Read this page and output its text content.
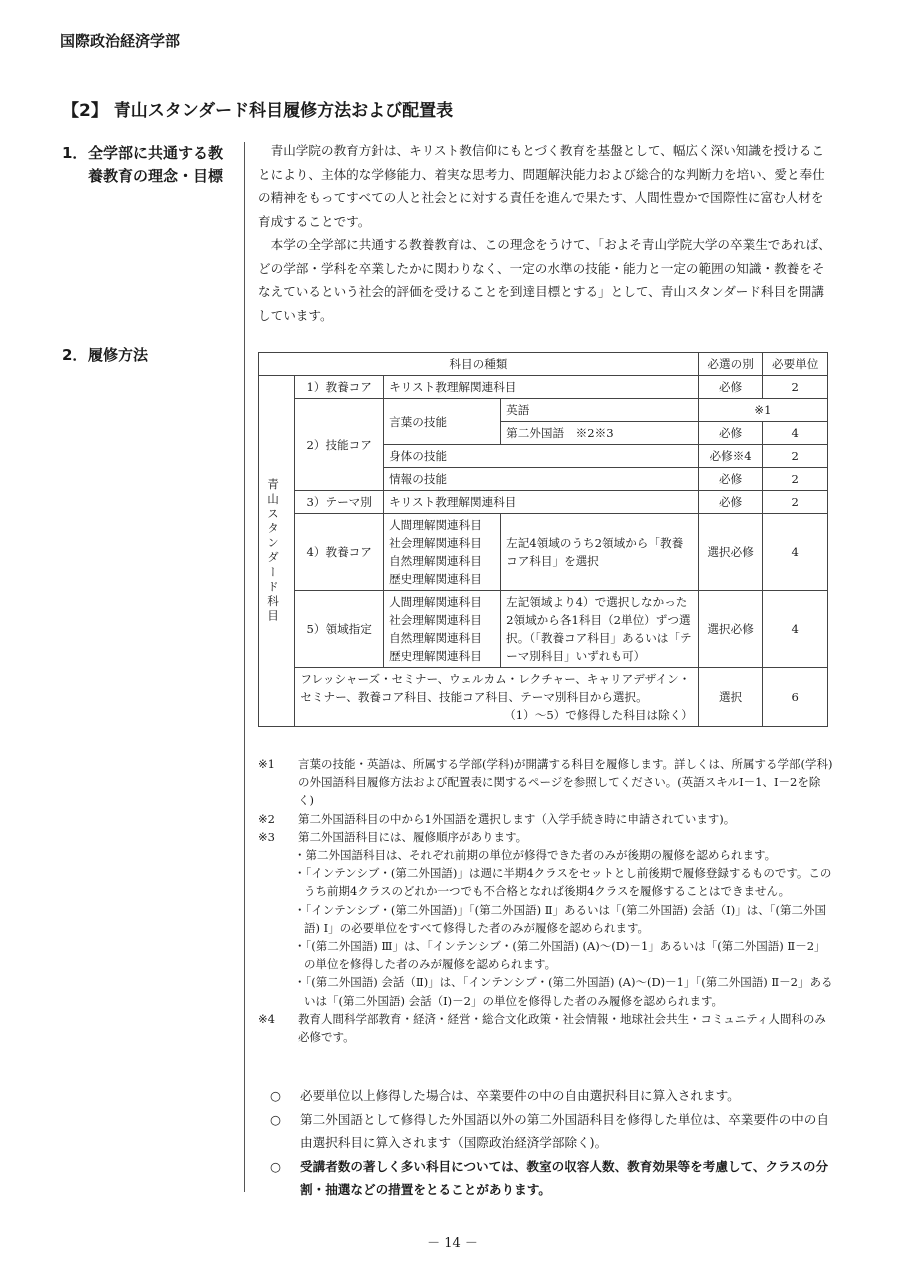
国際政治経済学部
【2】 青山スタンダード科目履修方法および配置表
1．全学部に共通する教
養教育の理念・目標

青山学院の教育方針は、キリスト教信仰にもとづく教育を基盤として、幅広く深い知識を授けることにより、主体的な学修能力、着実な思考力、問題解決能力および総合的な判断力を培い、愛と奉仕の精神をもってすべての人と社会とに対する責任を進んで果たす、人間性豊かで国際性に富む人材を育成することです。

本学の全学部に共通する教養教育は、この理念をうけて、「およそ青山学院大学の卒業生であれば、どの学部・学科を卒業したかに関わりなく、一定の水準の技能・能力と一定の範囲の知識・教養をそなえているという社会的評価を受けることを到達目標とする」として、青山スタンダード科目を開講しています。

2．履修方法	科目の種類				必選の別	必要単位

青山スタンダード科目	1）教養コア	キリスト教理解関連科目		必修	2
	2）技能コア	言葉の技能	英語	※1	
			第二外国語　※2※3	必修	4
		身体の技能		必修※4	2
		情報の技能		必修	2
	3）テーマ別	キリスト教理解関連科目		必修	2
	4）教養コア	人間理解関連科目
社会理解関連科目
自然理解関連科目
歴史理解関連科目	左記4領域のうち2領域から「教養コア科目」を選択	選択必修	4
	5）領域指定	人間理解関連科目
社会理解関連科目
自然理解関連科目
歴史理解関連科目	左記領域より4）で選択しなかった2領域から各1科目（2単位）ずつ選択。（「教養コア科目」あるいは「テーマ別科目」いずれも可）	選択必修	4

	フレッシャーズ・セミナー、ウェルカム・レクチャー、キャリアデザイン・セミナー、教養コア科目、技能コア科目、テーマ別科目から選択。
（1）〜5）で修得した科目は除く）			選択	6
※1	言葉の技能・英語は、所属する学部(学科)が開講する科目を履修します。詳しくは、所属する学部(学科)の外国語科目履修方法および配置表に関するページを参照してください。(英語スキルⅠ－1、Ⅰ－2を除く)
※2	第二外国語科目の中から1外国語を選択します（入学手続き時に申請されています)。
※3	第二外国語科目には、履修順序があります。
・第二外国語科目は、それぞれ前期の単位が修得できた者のみが後期の履修を認められます。
・「インテンシブ・(第二外国語)」は週に半期4クラスをセットとし前後期で履修登録するものです。このうち前期4クラスのどれか一つでも不合格となれば後期4クラスを履修することはできません。
・「インテンシブ・(第二外国語)」「(第二外国語) Ⅱ」あるいは「(第二外国語) 会話（Ⅰ)」は、「(第二外国語) Ⅰ」の必要単位をすべて修得した者のみが履修を認められます。
・「(第二外国語) Ⅲ」は、「インテンシブ・(第二外国語) (A)〜(D)－1」あるいは「(第二外国語) Ⅱ－2」の単位を修得した者のみが履修を認められます。
・「(第二外国語) 会話（Ⅱ)」は、「インテンシブ・(第二外国語) (A)〜(D)－1」「(第二外国語) Ⅱ－2」あるいは「(第二外国語) 会話（Ⅰ)－2」の単位を修得した者のみ履修を認められます。
※4	教育人間科学部教育・経済・経営・総合文化政策・社会情報・地球社会共生・コミュニティ人間科のみ必修です。
○	必要単位以上修得した場合は、卒業要件の中の自由選択科目に算入されます。
○	第二外国語として修得した外国語以外の第二外国語科目を修得した単位は、卒業要件の中の自由選択科目に算入されます（国際政治経済学部除く)。
○	受講者数の著しく多い科目については、教室の収容人数、教育効果等を考慮して、クラスの分割・抽選などの措置をとることがあります。
－ 14 －
